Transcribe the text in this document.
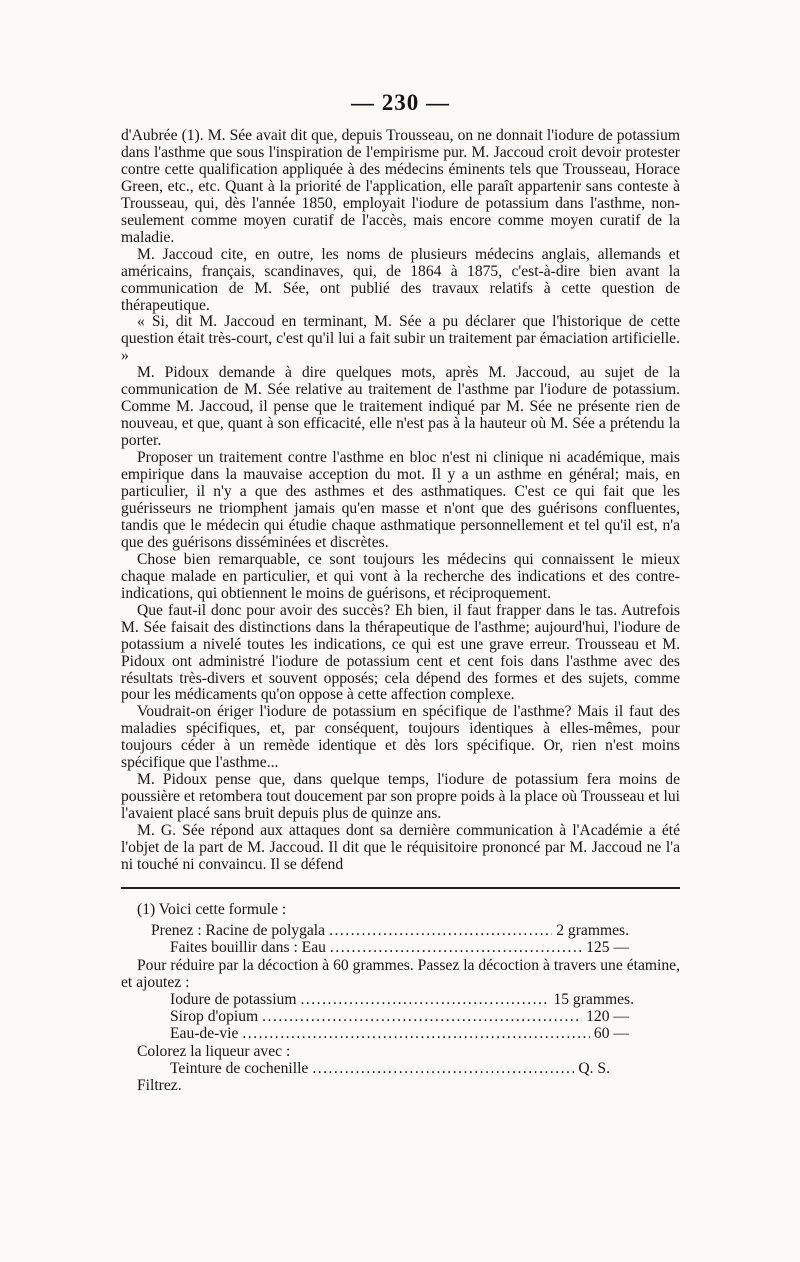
— 230 —

d'Aubrée (1). M. Sée avait dit que, depuis Trousseau, on ne donnait l'iodure de potassium dans l'asthme que sous l'inspiration de l'empirisme pur. M. Jaccoud croit devoir protester contre cette qualification appliquée à des médecins éminents tels que Trousseau, Horace Green, etc., etc. Quant à la priorité de l'application, elle paraît appartenir sans conteste à Trousseau, qui, dès l'année 1850, employait l'iodure de potassium dans l'asthme, non-seulement comme moyen curatif de l'accès, mais encore comme moyen curatif de la maladie.

M. Jaccoud cite, en outre, les noms de plusieurs médecins anglais, allemands et américains, français, scandinaves, qui, de 1864 à 1875, c'est-à-dire bien avant la communication de M. Sée, ont publié des travaux relatifs à cette question de thérapeutique.

« Si, dit M. Jaccoud en terminant, M. Sée a pu déclarer que l'historique de cette question était très-court, c'est qu'il lui a fait subir un traitement par émaciation artificielle. »

M. Pidoux demande à dire quelques mots, après M. Jaccoud, au sujet de la communication de M. Sée relative au traitement de l'asthme par l'iodure de potassium. Comme M. Jaccoud, il pense que le traitement indiqué par M. Sée ne présente rien de nouveau, et que, quant à son efficacité, elle n'est pas à la hauteur où M. Sée a prétendu la porter.

Proposer un traitement contre l'asthme en bloc n'est ni clinique ni académique, mais empirique dans la mauvaise acception du mot. Il y a un asthme en général; mais, en particulier, il n'y a que des asthmes et des asthmatiques. C'est ce qui fait que les guérisseurs ne triomphent jamais qu'en masse et n'ont que des guérisons confluentes, tandis que le médecin qui étudie chaque asthmatique personnellement et tel qu'il est, n'a que des guérisons disséminées et discrètes.

Chose bien remarquable, ce sont toujours les médecins qui connaissent le mieux chaque malade en particulier, et qui vont à la recherche des indications et des contre-indications, qui obtiennent le moins de guérisons, et réciproquement.

Que faut-il donc pour avoir des succès? Eh bien, il faut frapper dans le tas. Autrefois M. Sée faisait des distinctions dans la thérapeutique de l'asthme; aujourd'hui, l'iodure de potassium a nivelé toutes les indications, ce qui est une grave erreur. Trousseau et M. Pidoux ont administré l'iodure de potassium cent et cent fois dans l'asthme avec des résultats très-divers et souvent opposés; cela dépend des formes et des sujets, comme pour les médicaments qu'on oppose à cette affection complexe.

Voudrait-on ériger l'iodure de potassium en spécifique de l'asthme? Mais il faut des maladies spécifiques, et, par conséquent, toujours identiques à elles-mêmes, pour toujours céder à un remède identique et dès lors spécifique. Or, rien n'est moins spécifique que l'asthme...

M. Pidoux pense que, dans quelque temps, l'iodure de potassium fera moins de poussière et retombera tout doucement par son propre poids à la place où Trousseau et lui l'avaient placé sans bruit depuis plus de quinze ans.

M. G. Sée répond aux attaques dont sa dernière communication à l'Académie a été l'objet de la part de M. Jaccoud. Il dit que le réquisitoire prononcé par M. Jaccoud ne l'a ni touché ni convaincu. Il se défend

(1) Voici cette formule :

Prenez : Racine de polygala .....	2 grammes.
Faites bouillir dans : Eau .....	125 —

Pour réduire par la décoction à 60 grammes. Passez la décoction à travers une étamine, et ajoutez :

Iodure de potassium .....	15 grammes.
Sirop d'opium .....	120 —
Eau-de-vie .....	60 —

Colorez la liqueur avec :

Teinture de cochenille .....	Q. S.

Filtrez.
